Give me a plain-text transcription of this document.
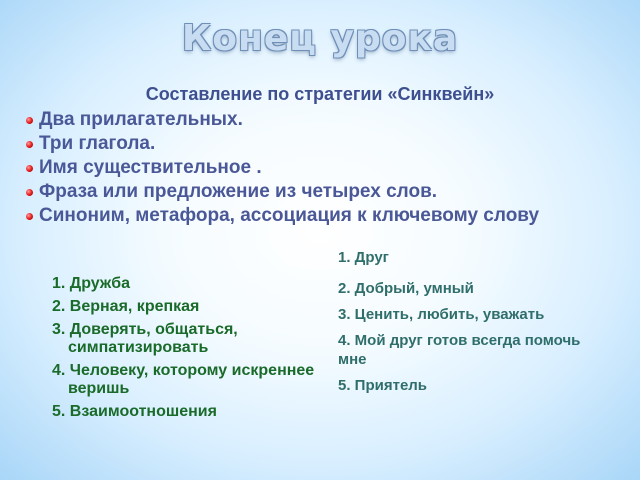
Конец урока
Составление по стратегии «Синквейн»
Два прилагательных.
Три глагола.
Имя существительное .
Фраза или предложение из четырех слов.
Синоним, метафора, ассоциация к ключевому слову
1. Дружба
2. Верная, крепкая
3. Доверять, общаться, симпатизировать
4. Человеку, которому искреннее веришь
5. Взаимоотношения
1. Друг
2. Добрый, умный
3. Ценить, любить, уважать
4. Мой друг готов всегда помочь мне
5. Приятель
